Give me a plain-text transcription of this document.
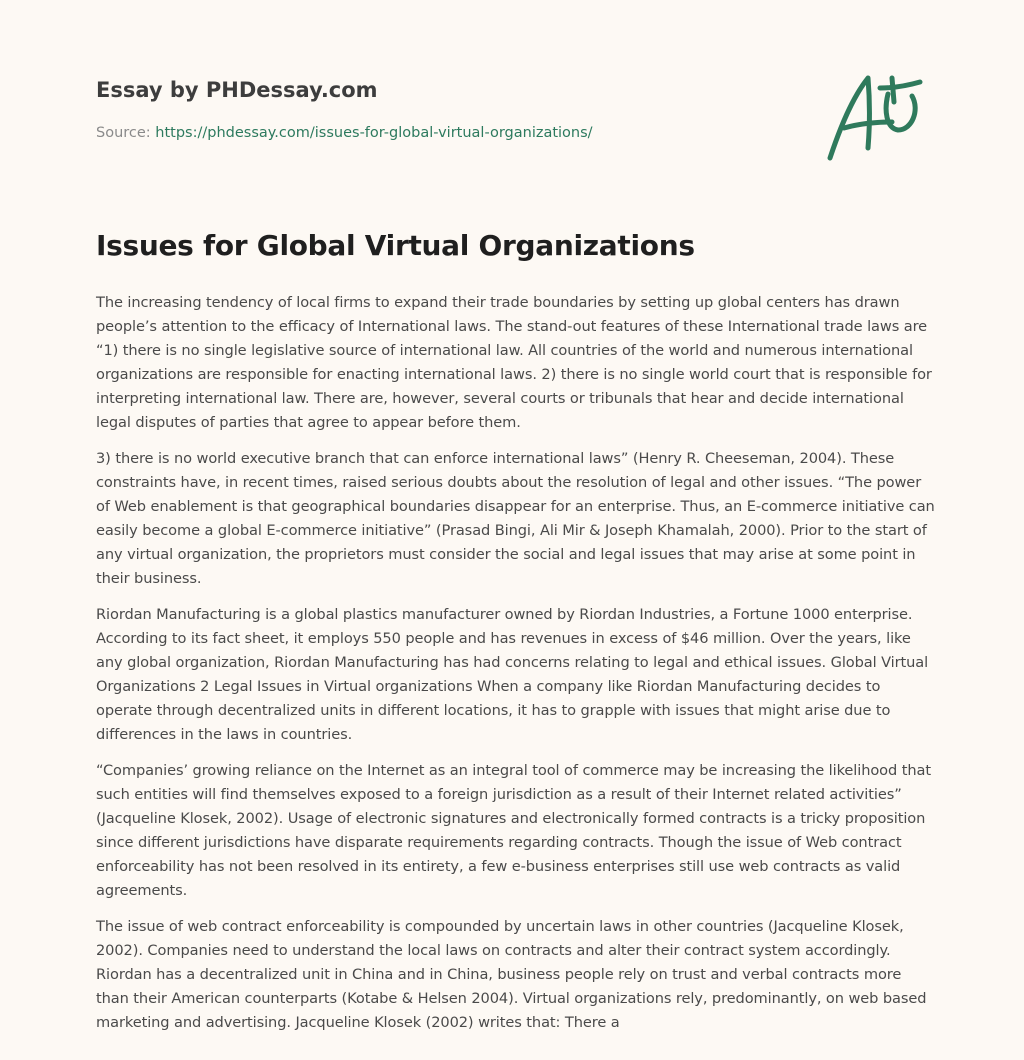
Essay by PHDessay.com
Source: https://phdessay.com/issues-for-global-virtual-organizations/
Issues for Global Virtual Organizations

The increasing tendency of local firms to expand their trade boundaries by setting up global centers has drawn people’s attention to the efficacy of International laws. The stand-out features of these International trade laws are “1) there is no single legislative source of international law. All countries of the world and numerous international organizations are responsible for enacting international laws. 2) there is no single world court that is responsible for interpreting international law. There are, however, several courts or tribunals that hear and decide international legal disputes of parties that agree to appear before them.

3) there is no world executive branch that can enforce international laws” (Henry R. Cheeseman, 2004). These constraints have, in recent times, raised serious doubts about the resolution of legal and other issues. “The power of Web enablement is that geographical boundaries disappear for an enterprise. Thus, an E-commerce initiative can easily become a global E-commerce initiative” (Prasad Bingi, Ali Mir & Joseph Khamalah, 2000). Prior to the start of any virtual organization, the proprietors must consider the social and legal issues that may arise at some point in their business.

Riordan Manufacturing is a global plastics manufacturer owned by Riordan Industries, a Fortune 1000 enterprise. According to its fact sheet, it employs 550 people and has revenues in excess of $46 million. Over the years, like any global organization, Riordan Manufacturing has had concerns relating to legal and ethical issues. Global Virtual Organizations 2 Legal Issues in Virtual organizations When a company like Riordan Manufacturing decides to operate through decentralized units in different locations, it has to grapple with issues that might arise due to differences in the laws in countries.

“Companies’ growing reliance on the Internet as an integral tool of commerce may be increasing the likelihood that such entities will find themselves exposed to a foreign jurisdiction as a result of their Internet related activities” (Jacqueline Klosek, 2002). Usage of electronic signatures and electronically formed contracts is a tricky proposition since different jurisdictions have disparate requirements regarding contracts. Though the issue of Web contract enforceability has not been resolved in its entirety, a few e-business enterprises still use web contracts as valid agreements.

The issue of web contract enforceability is compounded by uncertain laws in other countries (Jacqueline Klosek, 2002). Companies need to understand the local laws on contracts and alter their contract system accordingly. Riordan has a decentralized unit in China and in China, business people rely on trust and verbal contracts more than their American counterparts (Kotabe & Helsen 2004). Virtual organizations rely, predominantly, on web based marketing and advertising. Jacqueline Klosek (2002) writes that: There a
